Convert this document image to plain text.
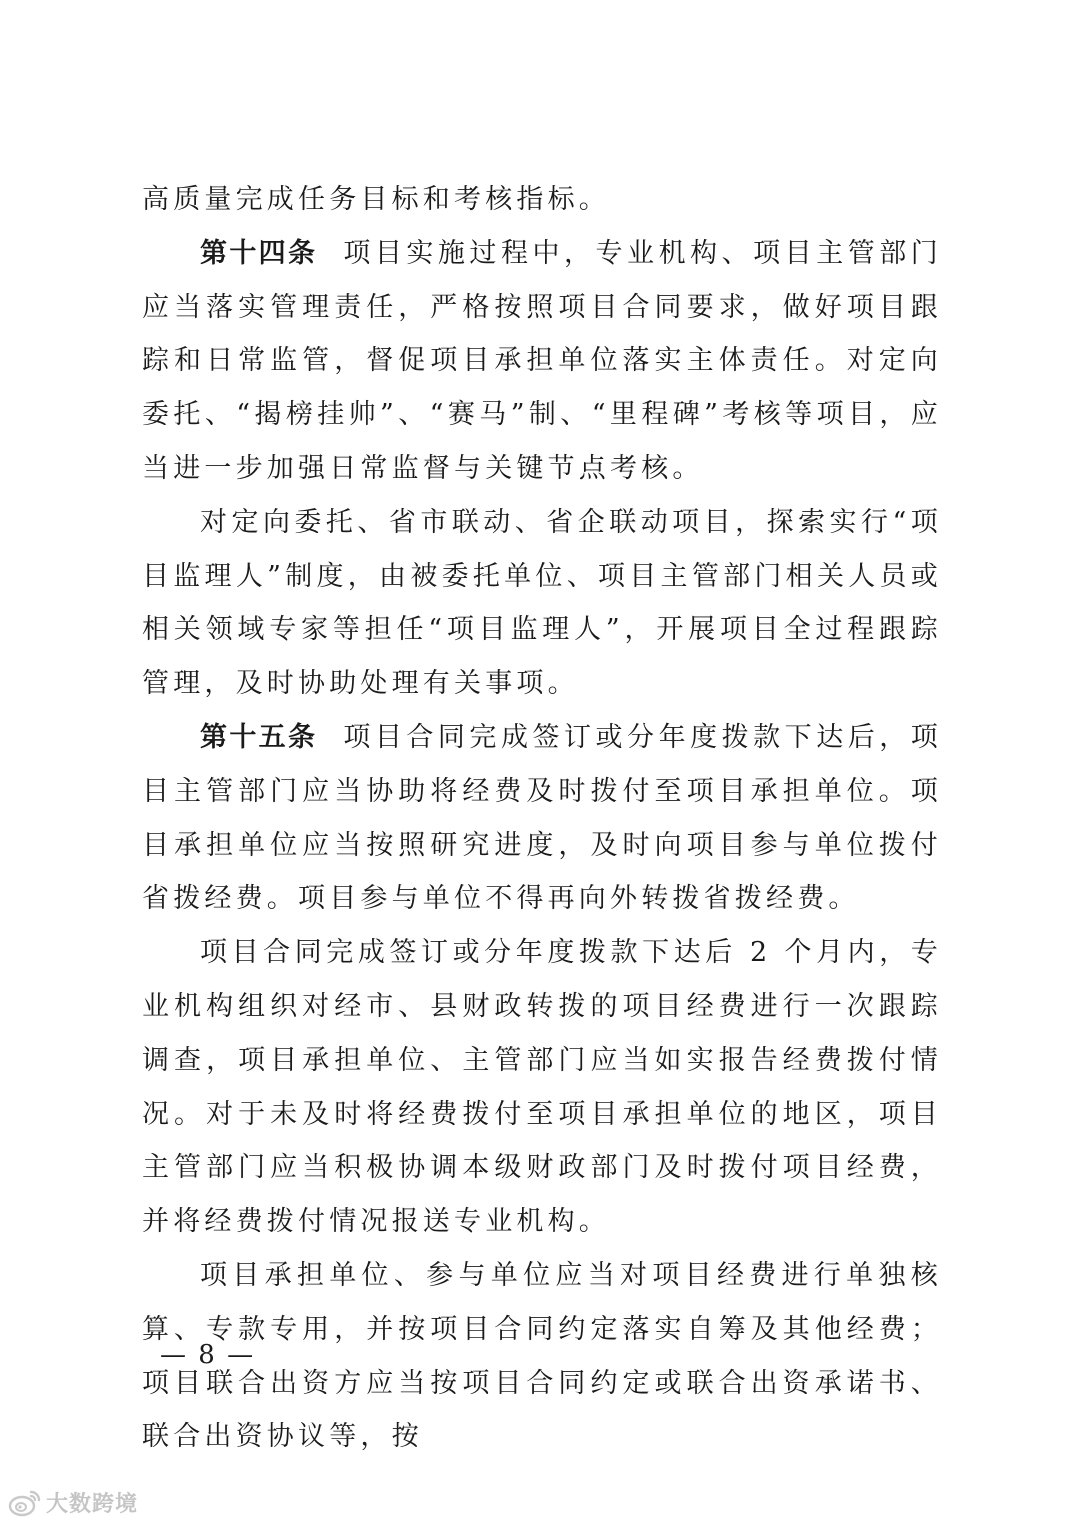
高质量完成任务目标和考核指标。

第十四条 项目实施过程中，专业机构、项目主管部门应当落实管理责任，严格按照项目合同要求，做好项目跟踪和日常监管，督促项目承担单位落实主体责任。对定向委托、“揭榜挂帅”、“赛马”制、“里程碑”考核等项目，应当进一步加强日常监督与关键节点考核。

对定向委托、省市联动、省企联动项目，探索实行“项目监理人”制度，由被委托单位、项目主管部门相关人员或相关领域专家等担任“项目监理人”，开展项目全过程跟踪管理，及时协助处理有关事项。

第十五条 项目合同完成签订或分年度拨款下达后，项目主管部门应当协助将经费及时拨付至项目承担单位。项目承担单位应当按照研究进度，及时向项目参与单位拨付省拨经费。项目参与单位不得再向外转拨省拨经费。

项目合同完成签订或分年度拨款下达后 2 个月内，专业机构组织对经市、县财政转拨的项目经费进行一次跟踪调查，项目承担单位、主管部门应当如实报告经费拨付情况。对于未及时将经费拨付至项目承担单位的地区，项目主管部门应当积极协调本级财政部门及时拨付项目经费，并将经费拨付情况报送专业机构。

项目承担单位、参与单位应当对项目经费进行单独核算、专款专用，并按项目合同约定落实自筹及其他经费；项目联合出资方应当按项目合同约定或联合出资承诺书、联合出资协议等，按

— 8 —
大数跨境
